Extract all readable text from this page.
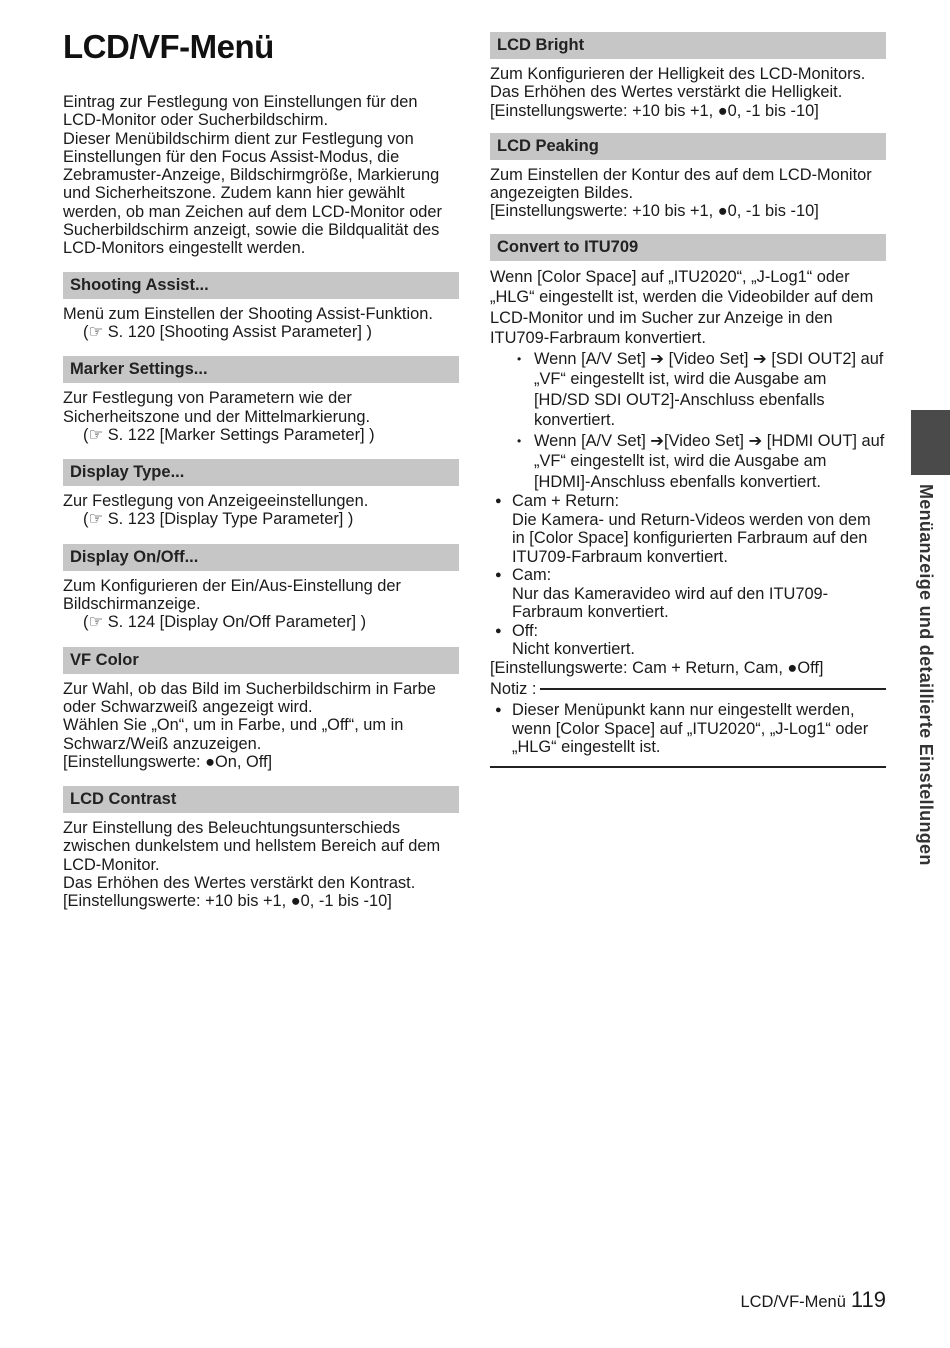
LCD/VF-Menü

Eintrag zur Festlegung von Einstellungen für den LCD-Monitor oder Sucherbildschirm.

Dieser Menübildschirm dient zur Festlegung von Einstellungen für den Focus Assist-Modus, die Zebramuster-Anzeige, Bildschirmgröße, Markierung und Sicherheitszone. Zudem kann hier gewählt werden, ob man Zeichen auf dem LCD-Monitor oder Sucherbildschirm anzeigt, sowie die Bildqualität des LCD-Monitors eingestellt werden.

Shooting Assist...

Menü zum Einstellen der Shooting Assist-Funktion.

(☞ S. 120 [Shooting Assist Parameter] )

Marker Settings...

Zur Festlegung von Parametern wie der Sicherheitszone und der Mittelmarkierung.

(☞ S. 122 [Marker Settings Parameter] )

Display Type...

Zur Festlegung von Anzeigeeinstellungen.

(☞ S. 123 [Display Type Parameter] )

Display On/Off...

Zum Konfigurieren der Ein/Aus-Einstellung der Bildschirmanzeige.

(☞ S. 124 [Display On/Off Parameter] )

VF Color

Zur Wahl, ob das Bild im Sucherbildschirm in Farbe oder Schwarzweiß angezeigt wird.

Wählen Sie „On“, um in Farbe, und „Off“, um in Schwarz/Weiß anzuzeigen.

[Einstellungswerte: ●On, Off]

LCD Contrast

Zur Einstellung des Beleuchtungsunterschieds zwischen dunkelstem und hellstem Bereich auf dem LCD-Monitor.

Das Erhöhen des Wertes verstärkt den Kontrast.

[Einstellungswerte: +10 bis +1, ●0, -1 bis -10]

LCD Bright

Zum Konfigurieren der Helligkeit des LCD-Monitors.

Das Erhöhen des Wertes verstärkt die Helligkeit.

[Einstellungswerte: +10 bis +1, ●0, -1 bis -10]

LCD Peaking

Zum Einstellen der Kontur des auf dem LCD-Monitor angezeigten Bildes.

[Einstellungswerte: +10 bis +1, ●0, -1 bis -10]

Convert to ITU709

Wenn [Color Space] auf „ITU2020“, „J-Log1“ oder „HLG“ eingestellt ist, werden die Videobilder auf dem LCD-Monitor und im Sucher zur Anzeige in den ITU709-Farbraum konvertiert.

• Wenn [A/V Set] ➔ [Video Set] ➔ [SDI OUT2] auf „VF“ eingestellt ist, wird die Ausgabe am [HD/SD SDI OUT2]-Anschluss ebenfalls konvertiert.
• Wenn [A/V Set] ➔[Video Set] ➔ [HDMI OUT] auf „VF“ eingestellt ist, wird die Ausgabe am [HDMI]-Anschluss ebenfalls konvertiert.
● Cam + Return:
Die Kamera- und Return-Videos werden von dem in [Color Space] konfigurierten Farbraum auf den ITU709-Farbraum konvertiert.
● Cam:
Nur das Kameravideo wird auf den ITU709-Farbraum konvertiert.
● Off:
Nicht konvertiert.

[Einstellungswerte: Cam + Return, Cam, ●Off]

Notiz :
● Dieser Menüpunkt kann nur eingestellt werden, wenn [Color Space] auf „ITU2020“, „J-Log1“ oder „HLG“ eingestellt ist.	Menüanzeige und detaillierte Einstellungen
LCD/VF-Menü 119
